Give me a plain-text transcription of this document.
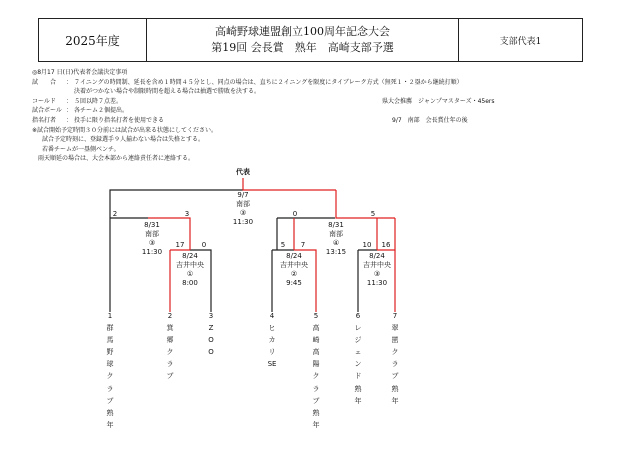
2025年度
高崎野球連盟創立100周年記念大会
第19回 会長賞　熟年　高崎支部予選	支部代表1
◎8月17 日(日)代表者会議決定事項
試　　合 ： ７イニングの時間制、延長を含め１時間４５分とし、同点の場合は、直ちに２イニングを限度にタイブレーク方式（無死１・２塁から継続打順）
決着がつかない場合や制限時間を超える場合は抽選で勝敗を決する。
コールド ： ５回以降７点差。	県大会推薦　ジャンプマスターズ・45ers
試合ボール ： 各チーム２個提出。
指名打者 ： 投手に限り指名打者を使用できる	9/7　南部　会長賞仕年の後
※試合開始予定時間３０分前には試合が出来る状態にしてください。
試合予定時刻に、登録選手９人揃わない場合は失格とする。
若番チームが一塁側ベンチ。
雨天順延の場合は、大会本部から連絡責任者に連絡する。
代表
9/7
南部
③
11:30
2	3	0	5
8/31
南部
③
11:30
17	0
8/24
吉井中央
①
8:00
8/31
南部
④
13:15
5	7	10	16
8/24
吉井中央
②
9:45
8/24
吉井中央
③
11:30
1
群馬野球クラブ熟年
2
箕郷クラブ
3
ZOO
4
ヒカリSE
5
高崎高陽クラブ熟年
6
レジェンド熟年
7
翠巒クラブ熟年
